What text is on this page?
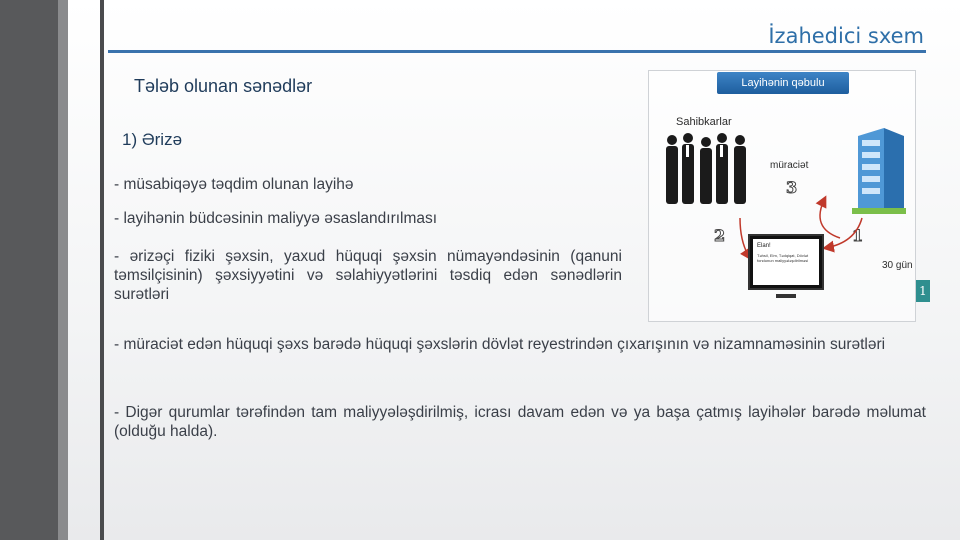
İzahedici sxem
Tələb olunan sənədlər
1) Ərizə
- müsabiqəyə təqdim olunan layihə
- layihənin büdcəsinin maliyyə əsaslandırılması
- ərizəçi fiziki şəxsin, yaxud hüquqi şəxsin nümayəndəsinin (qanuni təmsilçisinin) şəxsiyyətini və səlahiyyətlərini təsdiq edən sənədlərin surətləri
- müraciət edən hüquqi şəxs barədə hüquqi şəxslərin dövlət reyestrindən çıxarışının və nizamnaməsinin surətləri
- Digər qurumlar tərəfindən tam maliyyələşdirilmiş, icrası davam edən və ya başa çatmış layihələr barədə məlumat (olduğu halda).
Layihənin qəbulu
Sahibkarlar
müraciət
3
2	1
Elan!
Təhsil, Elm, Tədqiqat, Dövlət fondunun maliyyələşdirilməsi	30 gün
1
